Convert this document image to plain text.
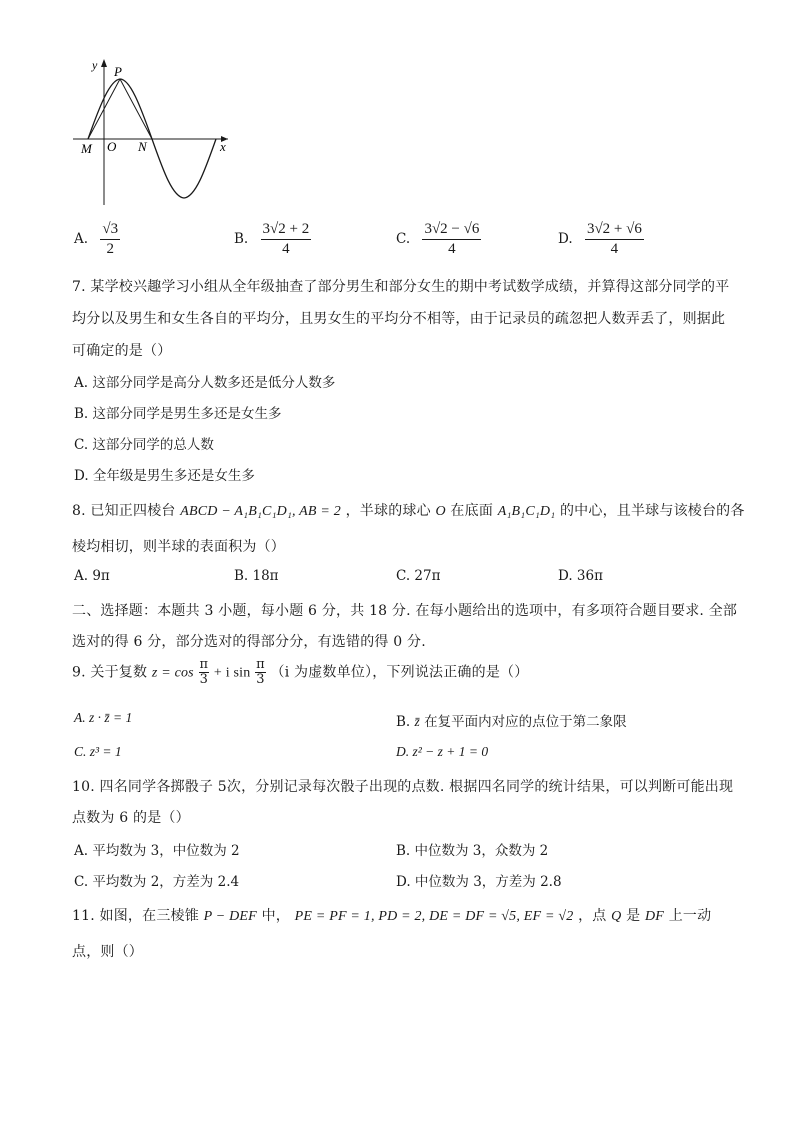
y P
M O N	x
A. $\frac{√3}{2}$	B. $\frac{3√2 + 2}{4}$	C. $\frac{3√2 - √6}{4}$	D. $\frac{3√2 + √6}{4}$
7. 某学校兴趣学习小组从全年级抽查了部分男生和部分女生的期中考试数学成绩，并算得这部分同学的平
均分以及男生和女生各自的平均分，且男女生的平均分不相等，由于记录员的疏忽把人数弄丢了，则据此
可确定的是（）
A. 这部分同学是高分人数多还是低分人数多
B. 这部分同学是男生多还是女生多
C. 这部分同学的总人数
D. 全年级是男生多还是女生多
8. 已知正四棱台 ABCD − A₁B₁C₁D₁, AB = 2 ，半球的球心 O 在底面 A₁B₁C₁D₁ 的中心，且半球与该棱台的各
棱均相切，则半球的表面积为（）
A. 9π	B. 18π	C. 27π	D. 36π
二、选择题：本题共 3 小题，每小题 6 分，共 18 分. 在每小题给出的选项中，有多项符合题目要求. 全部
选对的得 6 分，部分选对的得部分分，有选错的得 0 分.
9. 关于复数 $z = \cos \frac{\pi}{3} + i$ $\sin \frac{\pi}{3} (i$ 为虚数单位），下列说法正确的是（）
A. z · z̄ = 1	B. z̄ 在复平面内对应的点位于第二象限
C. z³ = 1	D. z² − z + 1 = 0
10. 四名同学各掷骰子 5次，分别记录每次骰子出现的点数. 根据四名同学的统计结果，可以判断可能出现
点数为 6 的是（）
A. 平均数为 3，中位数为 2	B. 中位数为 3，众数为 2
C. 平均数为 2，方差为 2.4	D. 中位数为 3，方差为 2.8
11. 如图，在三棱锥 P − DEF 中， PE = PF = 1, PD = 2, DE = DF = √5, EF = √2 ，点 Q 是 DF 上一动
点，则（）
